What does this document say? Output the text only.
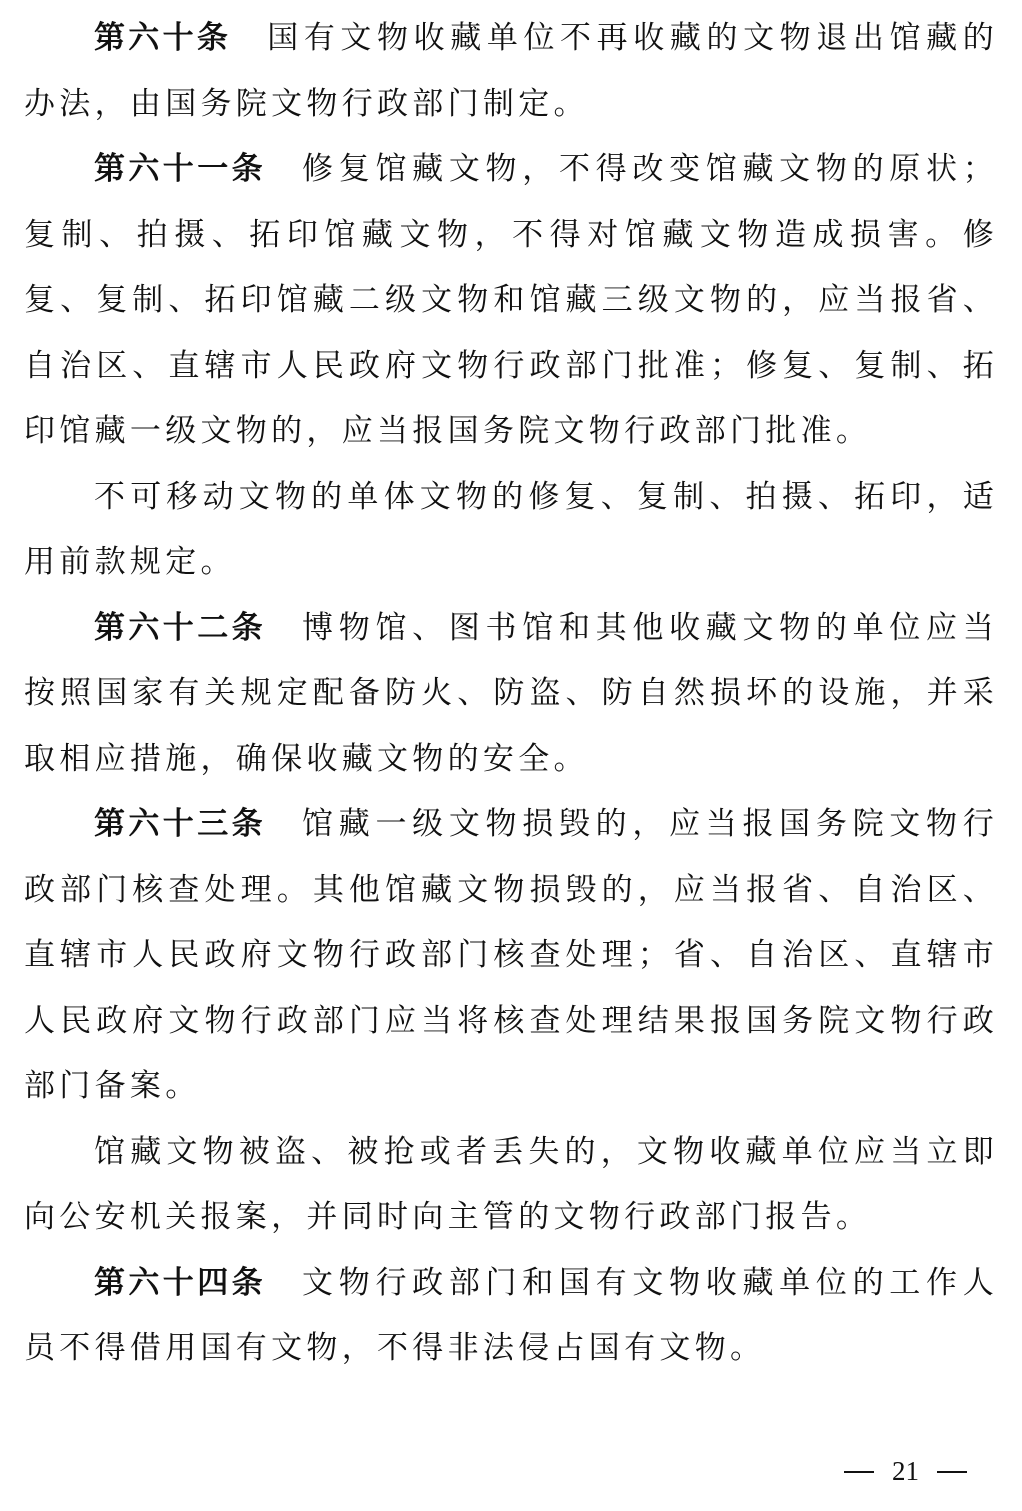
第六十条 国有文物收藏单位不再收藏的文物退出馆藏的办法，由国务院文物行政部门制定。

第六十一条 修复馆藏文物，不得改变馆藏文物的原状；复制、拍摄、拓印馆藏文物，不得对馆藏文物造成损害。修复、复制、拓印馆藏二级文物和馆藏三级文物的，应当报省、自治区、直辖市人民政府文物行政部门批准；修复、复制、拓印馆藏一级文物的，应当报国务院文物行政部门批准。

不可移动文物的单体文物的修复、复制、拍摄、拓印，适用前款规定。

第六十二条 博物馆、图书馆和其他收藏文物的单位应当按照国家有关规定配备防火、防盗、防自然损坏的设施，并采取相应措施，确保收藏文物的安全。

第六十三条 馆藏一级文物损毁的，应当报国务院文物行政部门核查处理。其他馆藏文物损毁的，应当报省、自治区、直辖市人民政府文物行政部门核查处理；省、自治区、直辖市人民政府文物行政部门应当将核查处理结果报国务院文物行政部门备案。

馆藏文物被盗、被抢或者丢失的，文物收藏单位应当立即向公安机关报案，并同时向主管的文物行政部门报告。

第六十四条 文物行政部门和国有文物收藏单位的工作人员不得借用国有文物，不得非法侵占国有文物。

21
